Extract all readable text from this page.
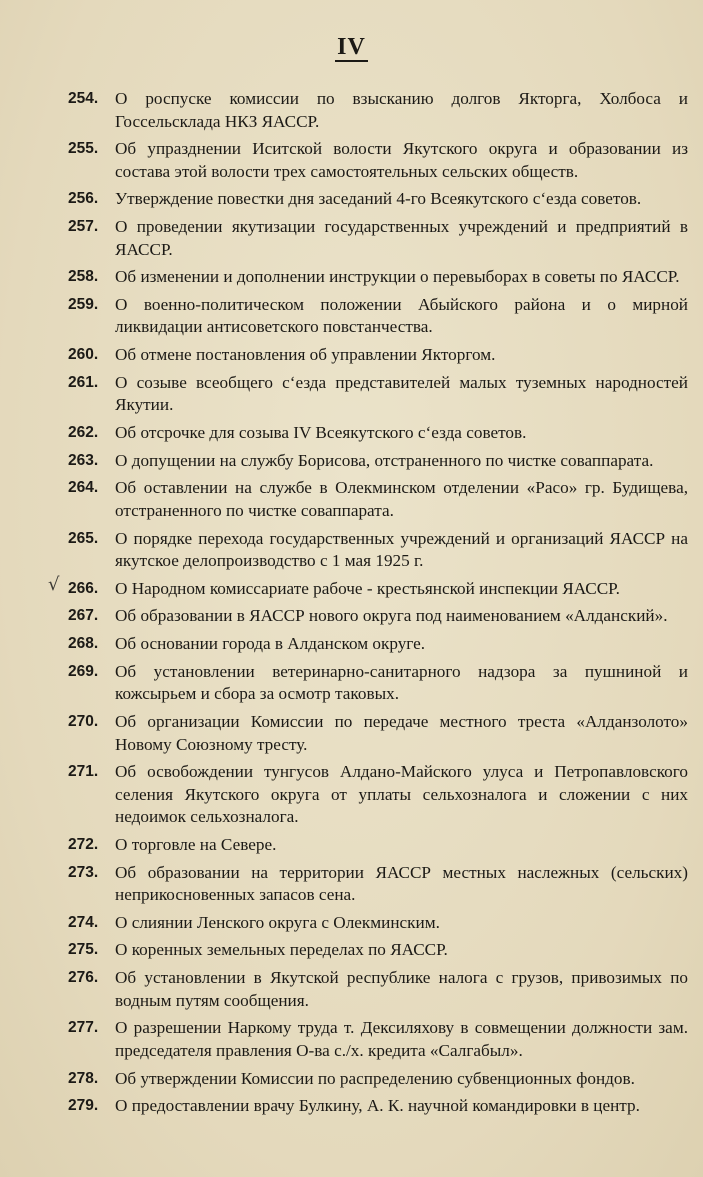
IV
254. О роспуске комиссии по взысканию долгов Якторга, Холбоса и Госсельсклада НКЗ ЯАССР.
255. Об упразднении Иситской волости Якутского округа и образовании из состава этой волости трех самостоятельных сельских обществ.
256. Утверждение повестки дня заседаний 4-го Всеякутского с‘езда советов.
257. О проведении якутизации государственных учреждений и предприятий в ЯАССР.
258. Об изменении и дополнении инструкции о перевыборах в советы по ЯАССР.
259. О военно-политическом положении Абыйского района и о мирной ликвидации антисоветского повстанчества.
260. Об отмене постановления об управлении Якторгом.
261. О созыве всеобщего с‘езда представителей малых туземных народностей Якутии.
262. Об отсрочке для созыва IV Всеякутского с‘езда советов.
263. О допущении на службу Борисова, отстраненного по чистке соваппарата.
264. Об оставлении на службе в Олекминском отделении «Расо» гр. Будищева, отстраненного по чистке соваппарата.
265. О порядке перехода государственных учреждений и организаций ЯАССР на якутское делопроизводство с 1 мая 1925 г.
√ 266. О Народном комиссариате рабоче - крестьянской инспекции ЯАССР.
267. Об образовании в ЯАССР нового округа под наименованием «Алданский».
268. Об основании города в Алданском округе.
269. Об установлении ветеринарно-санитарного надзора за пушниной и кожсырьем и сбора за осмотр таковых.
270. Об организации Комиссии по передаче местного треста «Алданзолото» Новому Союзному тресту.
271. Об освобождении тунгусов Алдано-Майского улуса и Петропавловского селения Якутского округа от уплаты сельхозналога и сложении с них недоимок сельхозналога.
272. О торговле на Севере.
273. Об образовании на территории ЯАССР местных наслежных (сельских) неприкосновенных запасов сена.
274. О слиянии Ленского округа с Олекминским.
275. О коренных земельных переделах по ЯАССР.
276. Об установлении в Якутской республике налога с грузов, привозимых по водным путям сообщения.
277. О разрешении Наркому труда т. Дексиляхову в совмещении должности зам. председателя правления О-ва с./х. кредита «Салгабыл».
278. Об утверждении Комиссии по распределению субвенционных фондов.
279. О предоставлении врачу Булкину, А. К. научной командировки в центр.
